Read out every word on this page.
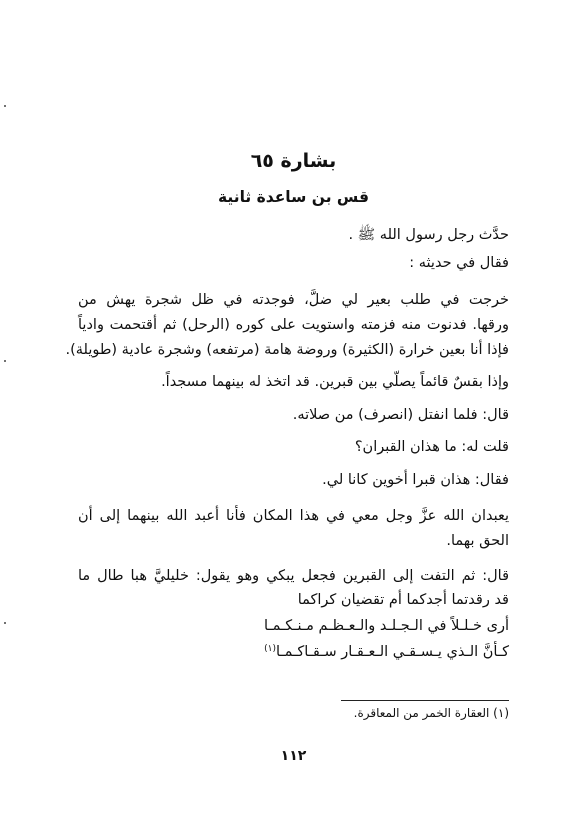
بشارة ٦٥
قس بن ساعدة ثانية
حدَّث رجل رسول الله ﷺ .
فقال في حديثه :
خرجت في طلب بعير لي ضلَّ، فوجدته في ظل شجرة يهش من
ورقها. فدنوت منه فزمته واستويت على كوره (الرحل) ثم أقتحمت وادياً
فإذا أنا بعين خرارة (الكثيرة) وروضة هامة (مرتفعه) وشجرة عادية (طويلة).
وإذا بقسٌ قائماً يصلّي بين قبرين. قد اتخذ له بينهما مسجداً.
قال: فلما انفتل (انصرف) من صلاته.
قلت له: ما هذان القبران؟
فقال: هذان قبرا أخوين كانا لي.
يعبدان الله عزَّ وجل معي في هذا المكان فأنا أعبد الله بينهما إلى أن
الحق بهما.
قال: ثم التفت إلى القبرين فجعل يبكي وهو يقول: خليليَّ هبا طال ما
قد رقدتما أجدكما أم تقضيان كراكما
أرى خـلـلاً في الـجـلـد والـعـظـم مـنـكـمـا
كـأنَّ الـذي يـسـقـي الـعـقـار سـقـاكـمـا$^{(١)}$
(١) العقارة الخمر من المعاقرة.
١١٢
